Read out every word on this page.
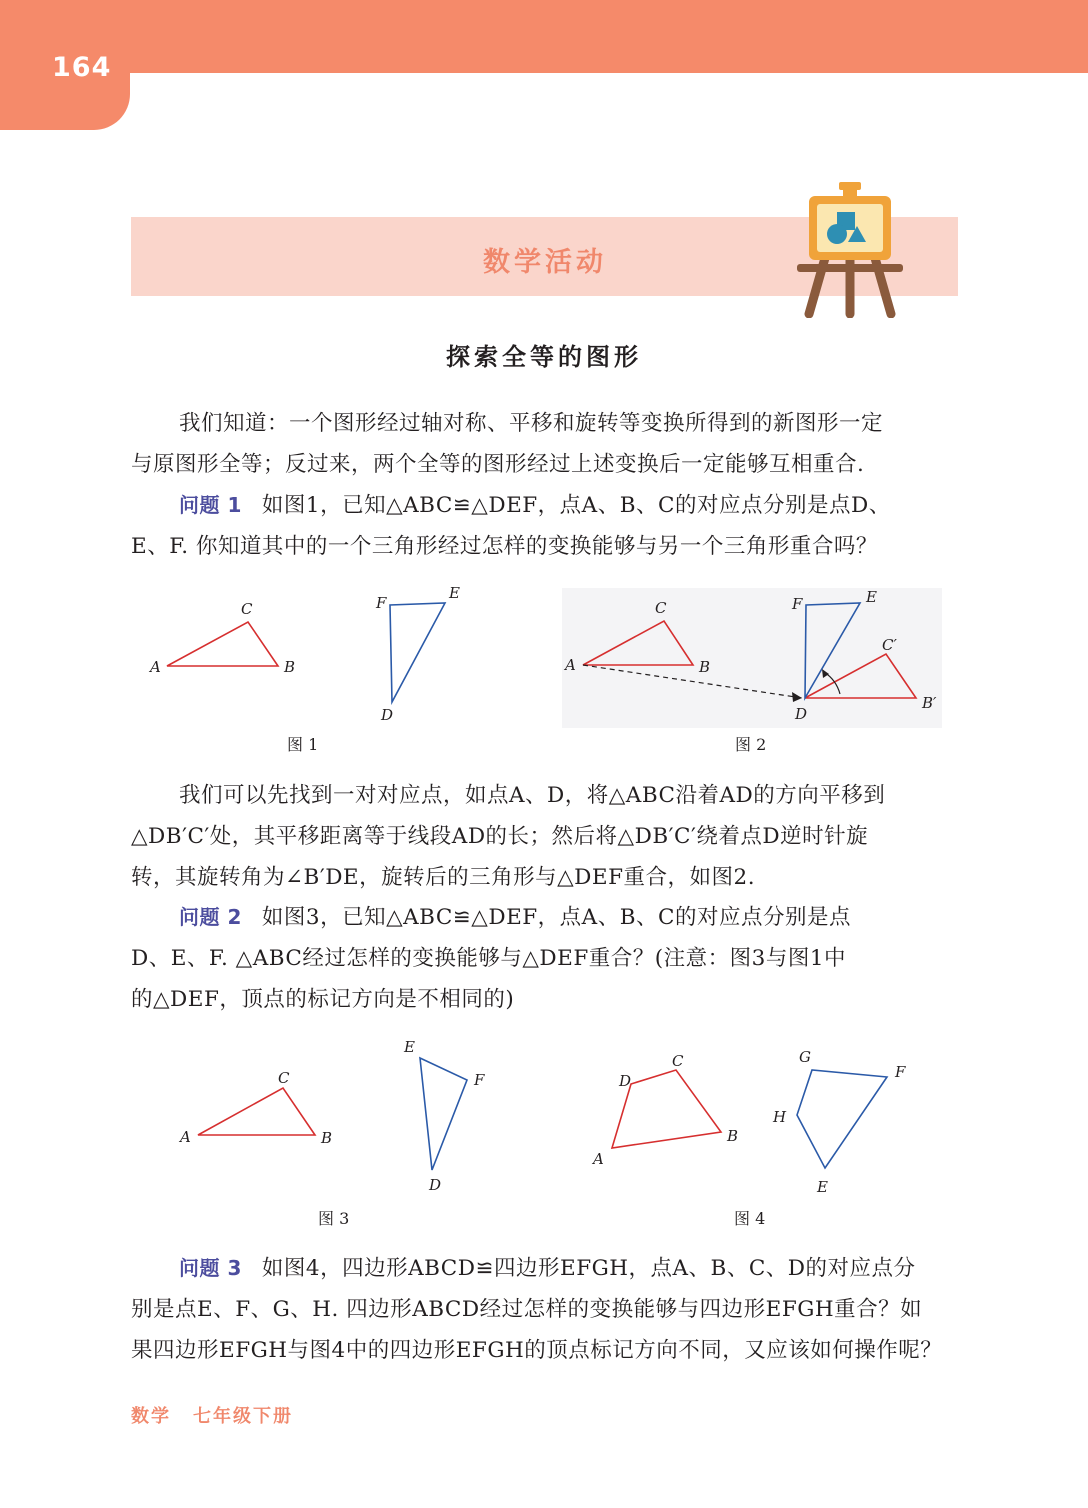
164
数学活动
探索全等的图形
我们知道：一个图形经过轴对称、平移和旋转等变换所得到的新图形一定
与原图形全等；反过来，两个全等的图形经过上述变换后一定能够互相重合.
问题 1 如图1，已知△ABC≌△DEF，点A、B、C的对应点分别是点D、
E、F. 你知道其中的一个三角形经过怎样的变换能够与另一个三角形重合吗？
A
C
B
F
E
D
图 1
A
C
B
F	E
C′
D
B′
图 2
我们可以先找到一对对应点，如点A、D，将△ABC沿着AD的方向平移到
△DB′C′处，其平移距离等于线段AD的长；然后将△DB′C′绕着点D逆时针旋
转，其旋转角为∠B′DE，旋转后的三角形与△DEF重合，如图2.
问题 2 如图3，已知△ABC≌△DEF，点A、B、C的对应点分别是点
D、E、F. △ABC经过怎样的变换能够与△DEF重合？(注意：图3与图1中
的△DEF，顶点的标记方向是不相同的)
A
C
B
E
F
D
图 3
A
D
C
B
G
F
H
E
图 4
问题 3 如图4，四边形ABCD≌四边形EFGH，点A、B、C、D的对应点分
别是点E、F、G、H. 四边形ABCD经过怎样的变换能够与四边形EFGH重合？如
果四边形EFGH与图4中的四边形EFGH的顶点标记方向不同，又应该如何操作呢？
数学 七年级下册
